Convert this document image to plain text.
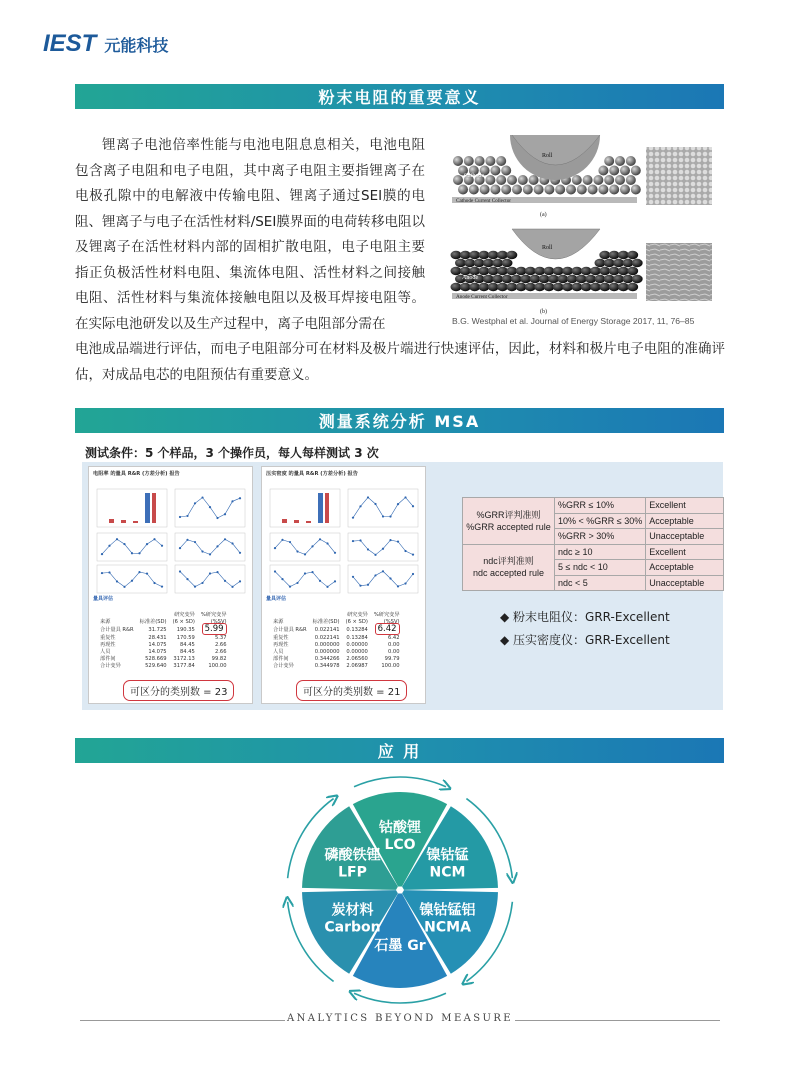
IEST 元能科技
粉末电阻的重要意义
锂离子电池倍率性能与电池电阻息息相关，电池电阻包含离子电阻和电子电阻，其中离子电阻主要指锂离子在电极孔隙中的电解液中传输电阻、锂离子通过SEI膜的电阻、锂离子与电子在活性材料/SEI膜界面的电荷转移电阻以及锂离子在活性材料内部的固相扩散电阻，电子电阻主要指正负极活性材料电阻、集流体电阻、活性材料之间接触电阻、活性材料与集流体接触电阻以及极耳焊接电阻等。在实际电池研发以及生产过程中，离子电阻部分需在
电池成品端进行评估，而电子电阻部分可在材料及极片端进行快速评估，因此，材料和极片电子电阻的准确评估，对成品电芯的电阻预估有重要意义。
Roll
Cathode
Cathode Current Collector
(a)
Roll
Anode
Anode Current Collector
(b)
B.G. Westphal et al. Journal of Energy Storage 2017, 11, 76–85
测量系统分析 MSA
测试条件：5 个样品，3 个操作员，每人每样测试 3 次
电阻率 的量具 R&R (方差分析) 报告
量具评估
		研究变异	%研究变异
来源	标准差(SD)	(6 × SD)	(%SV)
合计量具 R&R	31.725	190.35	5.99
重复性	28.431	170.59	5.37
再现性	14.075	84.45	2.66
人员	14.075	84.45	2.66
部件间	528.669	3172.13	99.82
合计变异	529.640	3177.84	100.00
可区分的类别数 = 23
压实密度 的量具 R&R (方差分析) 报告
量具评估
		研究变异	%研究变异
来源	标准差(SD)	(6 × SD)	(%SV)
合计量具 R&R	0.022141	0.13284	6.42
重复性	0.022141	0.13284	6.42
再现性	0.000000	0.00000	0.00
人员	0.000000	0.00000	0.00
部件间	0.344266	2.06560	99.79
合计变异	0.344978	2.06987	100.00
可区分的类别数 = 21
%GRR评判准则
%GRR accepted rule	%GRR ≤ 10%	Excellent
	10% < %GRR ≤ 30%	Acceptable
	%GRR > 30%	Unacceptable
ndc评判准则
ndc accepted rule	ndc ≥ 10	Excellent
	5 ≤ ndc < 10	Acceptable
	ndc < 5	Unacceptable
◆ 粉末电阻仪：GRR-Excellent
◆ 压实密度仪：GRR-Excellent
应 用
钴酸锂
LCO
镍钴锰
NCM
镍钴锰铝
NCMA
石墨 Gr
炭材料
Carbon
磷酸铁锂
LFP
ANALYTICS BEYOND MEASURE
